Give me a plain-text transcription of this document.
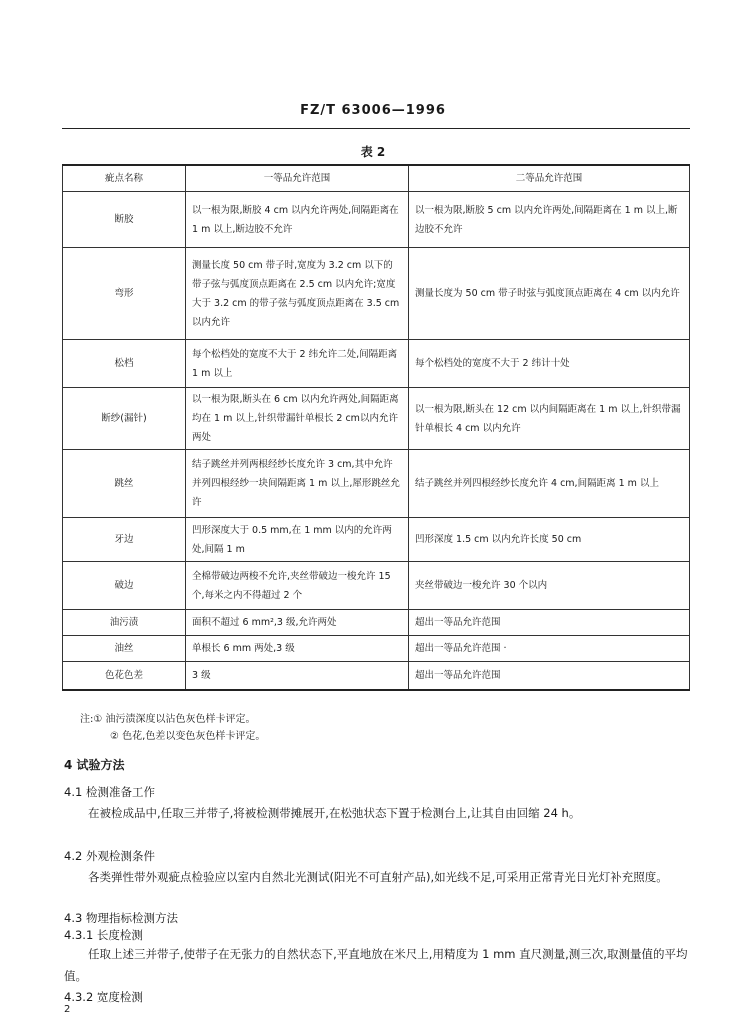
FZ/T 63006—1996
表 2
疵点名称	一等品允许范围	二等品允许范围
断胶	以一根为限,断胶 4 cm 以内允许两处,间隔距离在 1 m 以上,断边胶不允许	以一根为限,断胶 5 cm 以内允许两处,间隔距离在 1 m 以上,断边胶不允许
弯形	测量长度 50 cm 带子时,宽度为 3.2 cm 以下的带子弦与弧度顶点距离在 2.5 cm 以内允许;宽度大于 3.2 cm 的带子弦与弧度顶点距离在 3.5 cm 以内允许	测量长度为 50 cm 带子时弦与弧度顶点距离在 4 cm 以内允许
松档	每个松档处的宽度不大于 2 纬允许二处,间隔距离 1 m 以上	每个松档处的宽度不大于 2 纬计十处
断纱(漏针)	以一根为限,断头在 6 cm 以内允许两处,间隔距离均在 1 m 以上,针织带漏针单根长 2 cm以内允许两处	以一根为限,断头在 12 cm 以内间隔距离在 1 m 以上,针织带漏针单根长 4 cm 以内允许
跳丝	结子跳丝并列两根经纱长度允许 3 cm,其中允许并列四根经纱一块间隔距离 1 m 以上,犀形跳丝允许	结子跳丝并列四根经纱长度允许 4 cm,间隔距离 1 m 以上
牙边	凹形深度大于 0.5 mm,在 1 mm 以内的允许两处,间隔 1 m	凹形深度 1.5 cm 以内允许长度 50 cm
破边	全棉带破边两梭不允许,夹丝带破边一梭允许 15 个,每米之内不得超过 2 个	夹丝带破边一梭允许 30 个以内
油污渍	面积不超过 6 mm²,3 级,允许两处	超出一等品允许范围
油丝	单根长 6 mm 两处,3 级	超出一等品允许范围 ·
色花色差	3 级	超出一等品允许范围
注:① 油污渍深度以沾色灰色样卡评定。
② 色花,色差以变色灰色样卡评定。
4 试验方法
4.1 检测准备工作
在被检成品中,任取三并带子,将被检测带摊展开,在松弛状态下置于检测台上,让其自由回缩 24 h。
4.2 外观检测条件
各类弹性带外观疵点检验应以室内自然北光测试(阳光不可直射产品),如光线不足,可采用正常青光日光灯补充照度。
4.3 物理指标检测方法
4.3.1 长度检测
任取上述三并带子,使带子在无张力的自然状态下,平直地放在米尺上,用精度为 1 mm 直尺测量,测三次,取测量值的平均值。
4.3.2 宽度检测
2
